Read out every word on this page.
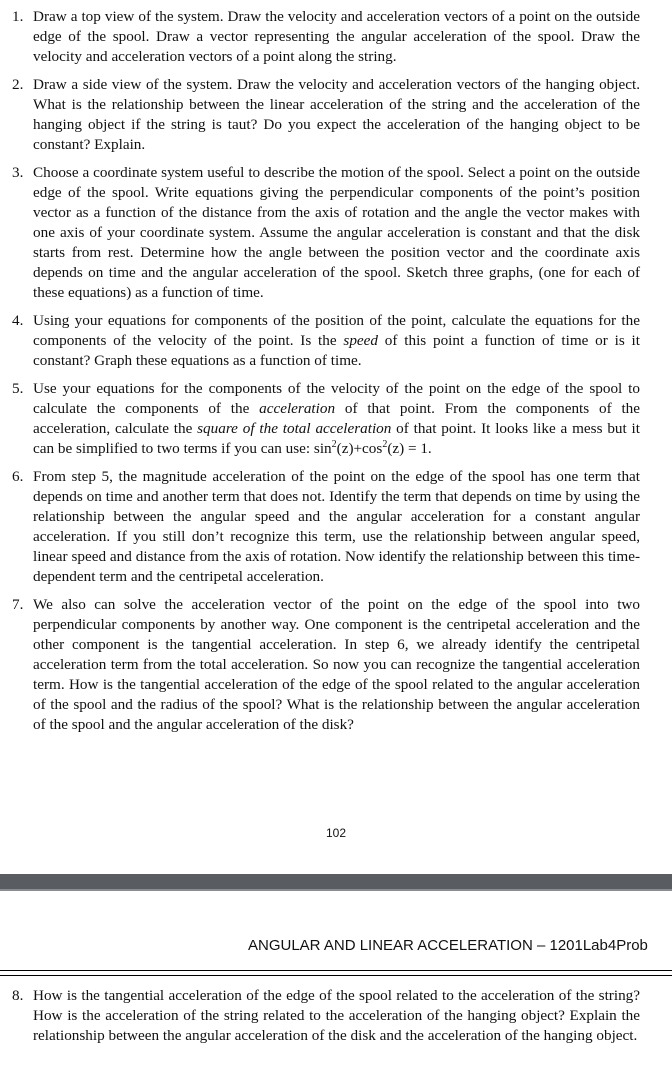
1. Draw a top view of the system. Draw the velocity and acceleration vectors of a point on the outside edge of the spool. Draw a vector representing the angular acceleration of the spool. Draw the velocity and acceleration vectors of a point along the string.
2. Draw a side view of the system. Draw the velocity and acceleration vectors of the hanging object. What is the relationship between the linear acceleration of the string and the acceleration of the hanging object if the string is taut? Do you expect the acceleration of the hanging object to be constant? Explain.
3. Choose a coordinate system useful to describe the motion of the spool. Select a point on the outside edge of the spool. Write equations giving the perpendicular components of the point’s position vector as a function of the distance from the axis of rotation and the angle the vector makes with one axis of your coordinate system. Assume the angular acceleration is constant and that the disk starts from rest. Determine how the angle between the position vector and the coordinate axis depends on time and the angular acceleration of the spool. Sketch three graphs, (one for each of these equations) as a function of time.
4. Using your equations for components of the position of the point, calculate the equations for the components of the velocity of the point. Is the speed of this point a function of time or is it constant? Graph these equations as a function of time.
5. Use your equations for the components of the velocity of the point on the edge of the spool to calculate the components of the acceleration of that point. From the components of the acceleration, calculate the square of the total acceleration of that point. It looks like a mess but it can be simplified to two terms if you can use: $\sin^2(z)+\cos^2(z) = 1$.
6. From step 5, the magnitude acceleration of the point on the edge of the spool has one term that depends on time and another term that does not. Identify the term that depends on time by using the relationship between the angular speed and the angular acceleration for a constant angular acceleration. If you still don’t recognize this term, use the relationship between angular speed, linear speed and distance from the axis of rotation. Now identify the relationship between this time-dependent term and the centripetal acceleration.
7. We also can solve the acceleration vector of the point on the edge of the spool into two perpendicular components by another way. One component is the centripetal acceleration and the other component is the tangential acceleration. In step 6, we already identify the centripetal acceleration term from the total acceleration. So now you can recognize the tangential acceleration term. How is the tangential acceleration of the edge of the spool related to the angular acceleration of the spool and the radius of the spool? What is the relationship between the angular acceleration of the spool and the angular acceleration of the disk?
102
ANGULAR AND LINEAR ACCELERATION – 1201Lab4Prob
8. How is the tangential acceleration of the edge of the spool related to the acceleration of the string? How is the acceleration of the string related to the acceleration of the hanging object? Explain the relationship between the angular acceleration of the disk and the acceleration of the hanging object.
